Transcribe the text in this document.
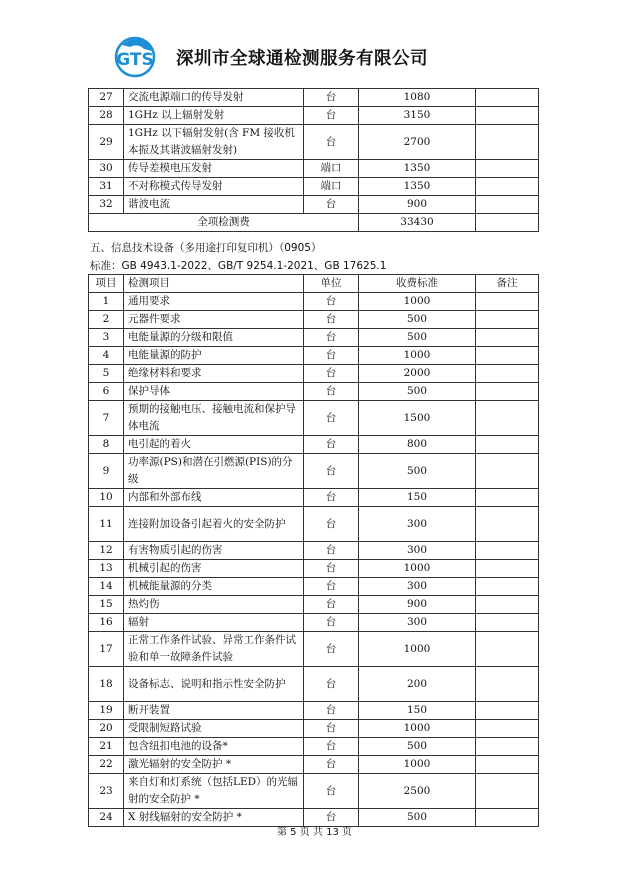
GTS 深圳市全球通检测服务有限公司
27	交流电源端口的传导发射	台	1080	
28	1GHz 以上辐射发射	台	3150	
29	1GHz 以下辐射发射(含 FM 接收机本振及其谐波辐射发射)	台	2700	
30	传导差模电压发射	端口	1350	
31	不对称模式传导发射	端口	1350	
32	谐波电流	台	900	
全项检测费			33430	
五、信息技术设备（多用途打印复印机）（0905）
标准：GB 4943.1-2022、GB/T 9254.1-2021、GB 17625.1
项目	检测项目	单位	收费标准	备注
1	通用要求	台	1000	
2	元器件要求	台	500	
3	电能量源的分级和限值	台	500	
4	电能量源的防护	台	1000	
5	绝缘材料和要求	台	2000	
6	保护导体	台	500	
7	预期的接触电压、接触电流和保护导体电流	台	1500	
8	电引起的着火	台	800	
9	功率源(PS)和潜在引燃源(PIS)的分级	台	500	
10	内部和外部布线	台	150	
11	连接附加设备引起着火的安全防护	台	300	
12	有害物质引起的伤害	台	300	
13	机械引起的伤害	台	1000	
14	机械能量源的分类	台	300	
15	热灼伤	台	900	
16	辐射	台	300	
17	正常工作条件试验、异常工作条件试验和单一故障条件试验	台	1000	
18	设备标志、说明和指示性安全防护	台	200	
19	断开装置	台	150	
20	受限制短路试验	台	1000	
21	包含纽扣电池的设备*	台	500	
22	激光辐射的安全防护 *	台	1000	
23	来自灯和灯系统（包括LED）的光辐射的安全防护 *	台	2500	
24	X 射线辐射的安全防护 *	台	500	
第 5 页 共 13 页
